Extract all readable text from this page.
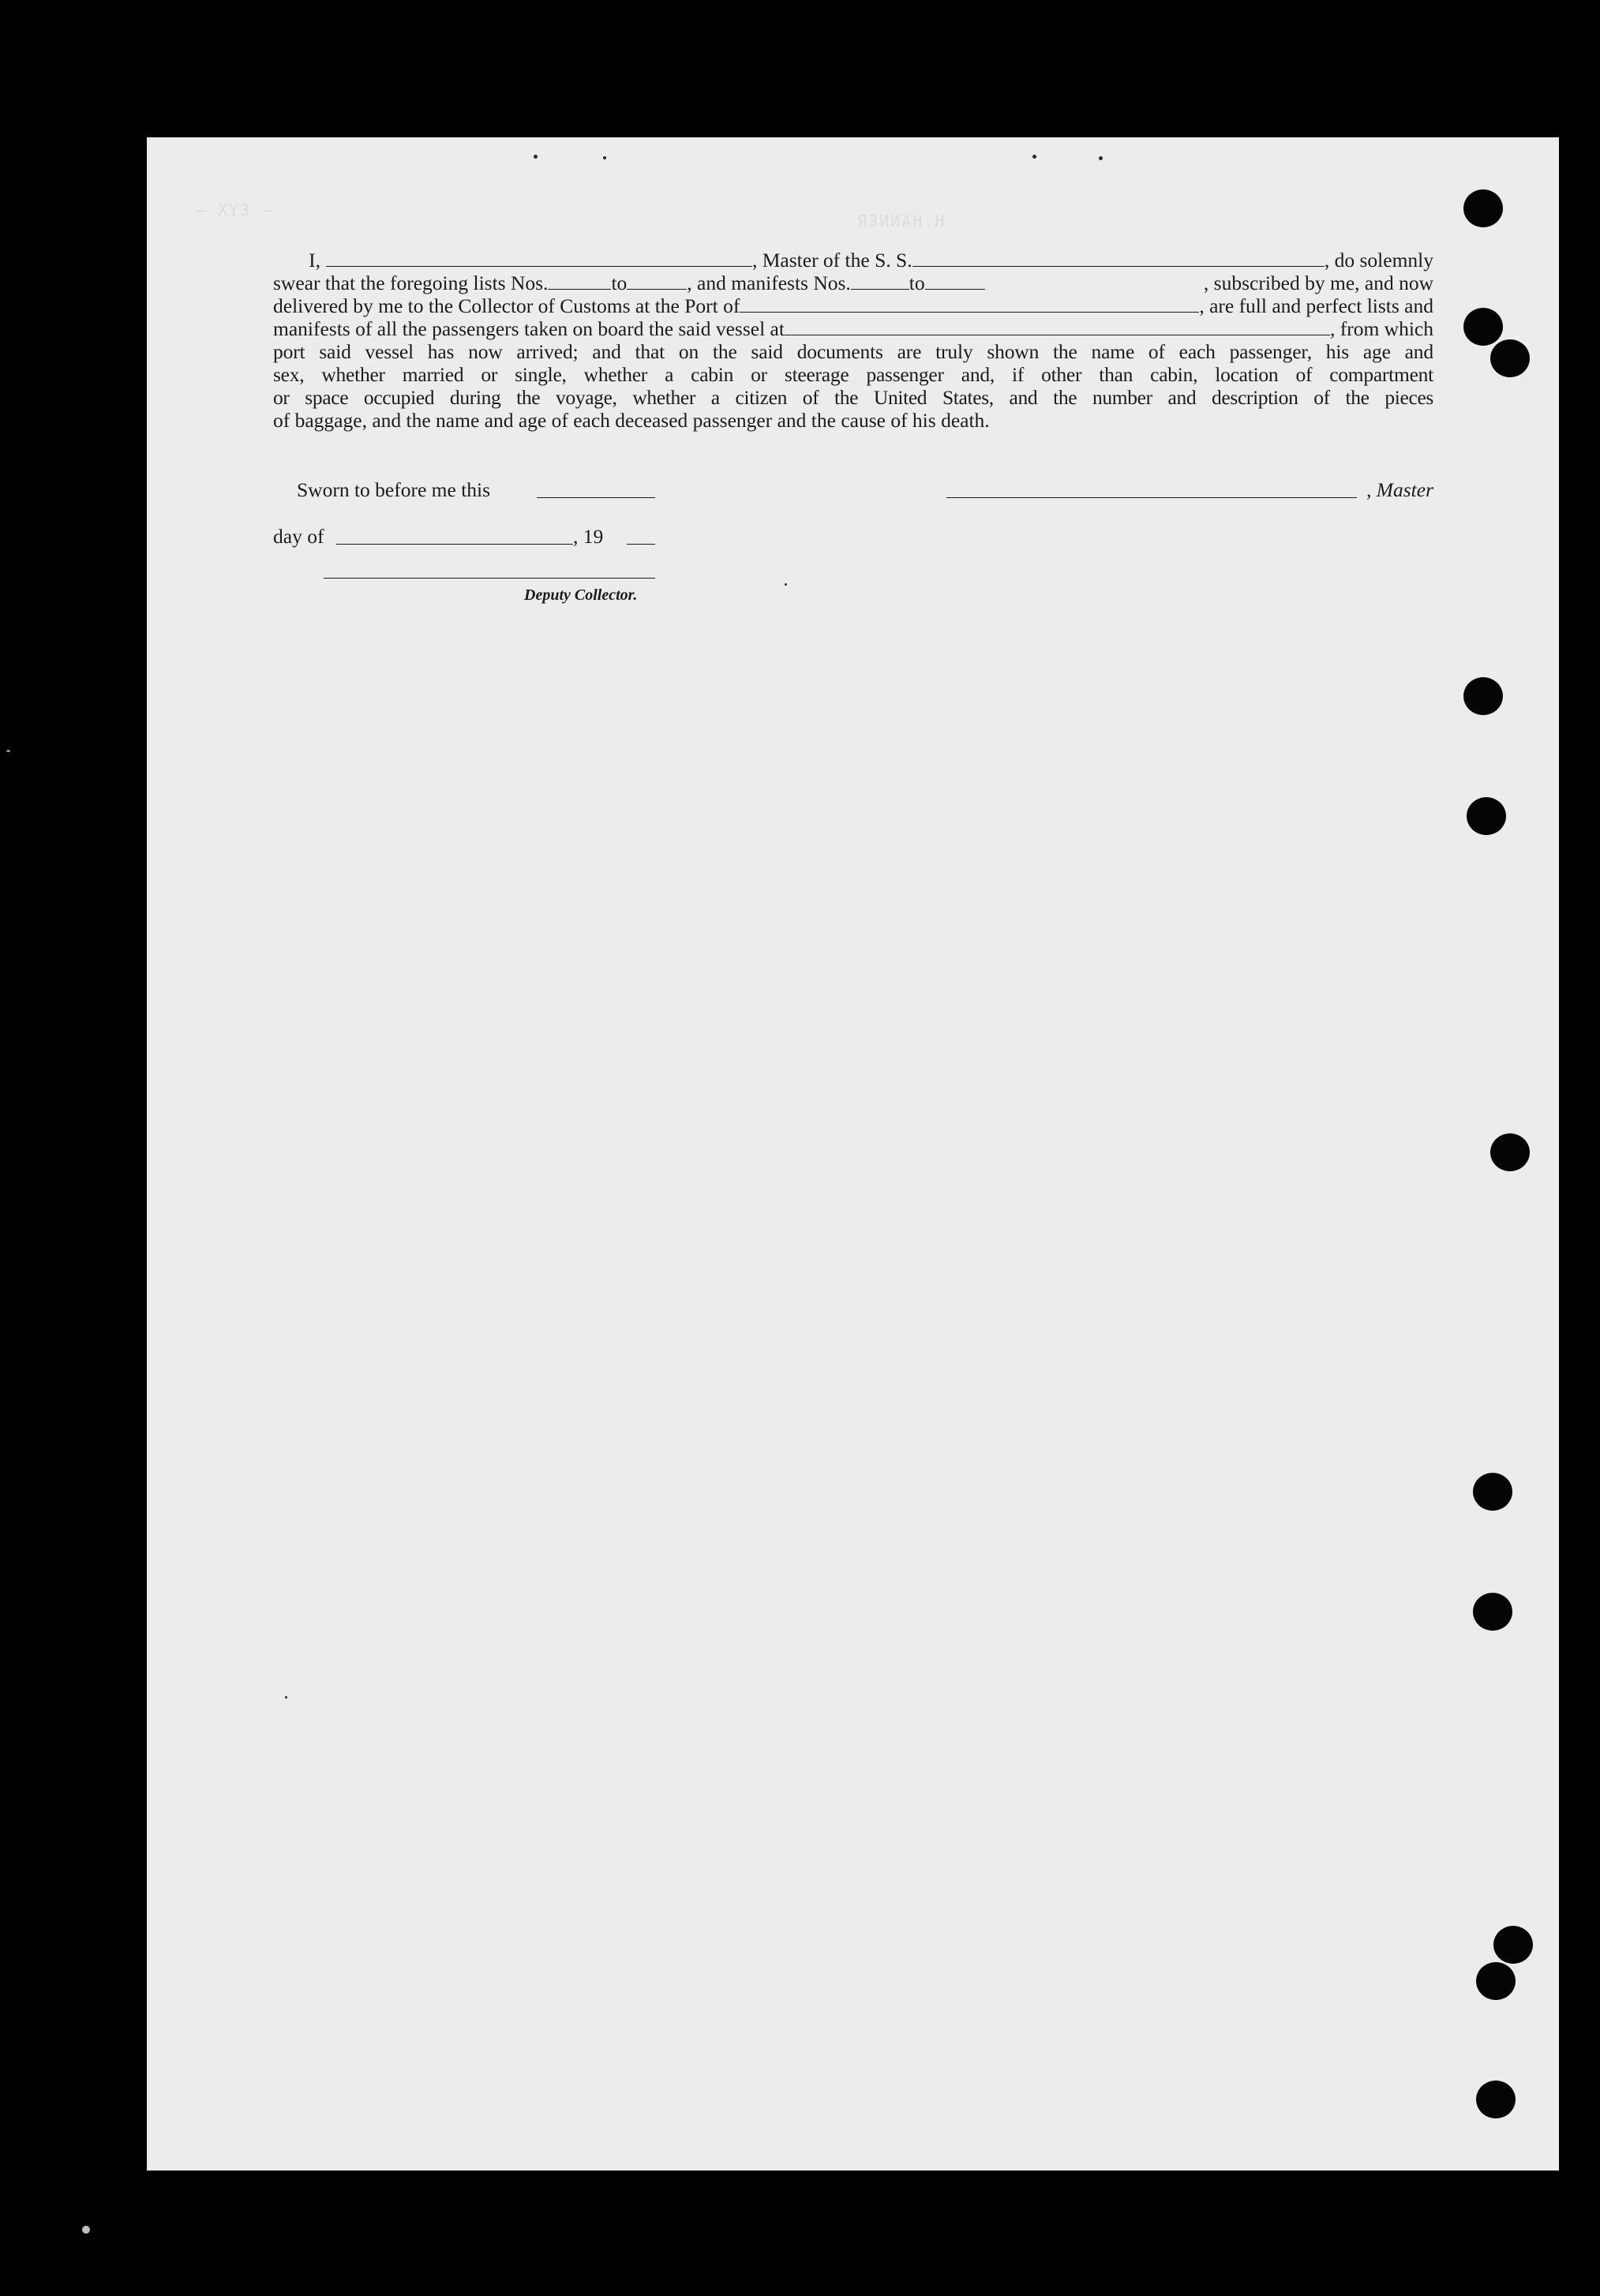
– XY3 –
ЯЭИИАН.Н
I,	, Master of the S. S.	, do solemnly
swear that the foregoing lists Nos.	to	, and manifests Nos.	to	, subscribed by me, and now
delivered by me to the Collector of Customs at the Port of	, are full and perfect lists and
manifests of all the passengers taken on board the said vessel at	, from which
port said vessel has now arrived; and that on the said documents are truly shown the name of each passenger, his age and
sex, whether married or single, whether a cabin or steerage passenger and, if other than cabin, location of compartment
or space occupied during the voyage, whether a citizen of the United States, and the number and description of the pieces
of baggage, and the name and age of each deceased passenger and the cause of his death.
Sworn to before me this	, Master
day of	, 19
Deputy Collector.
